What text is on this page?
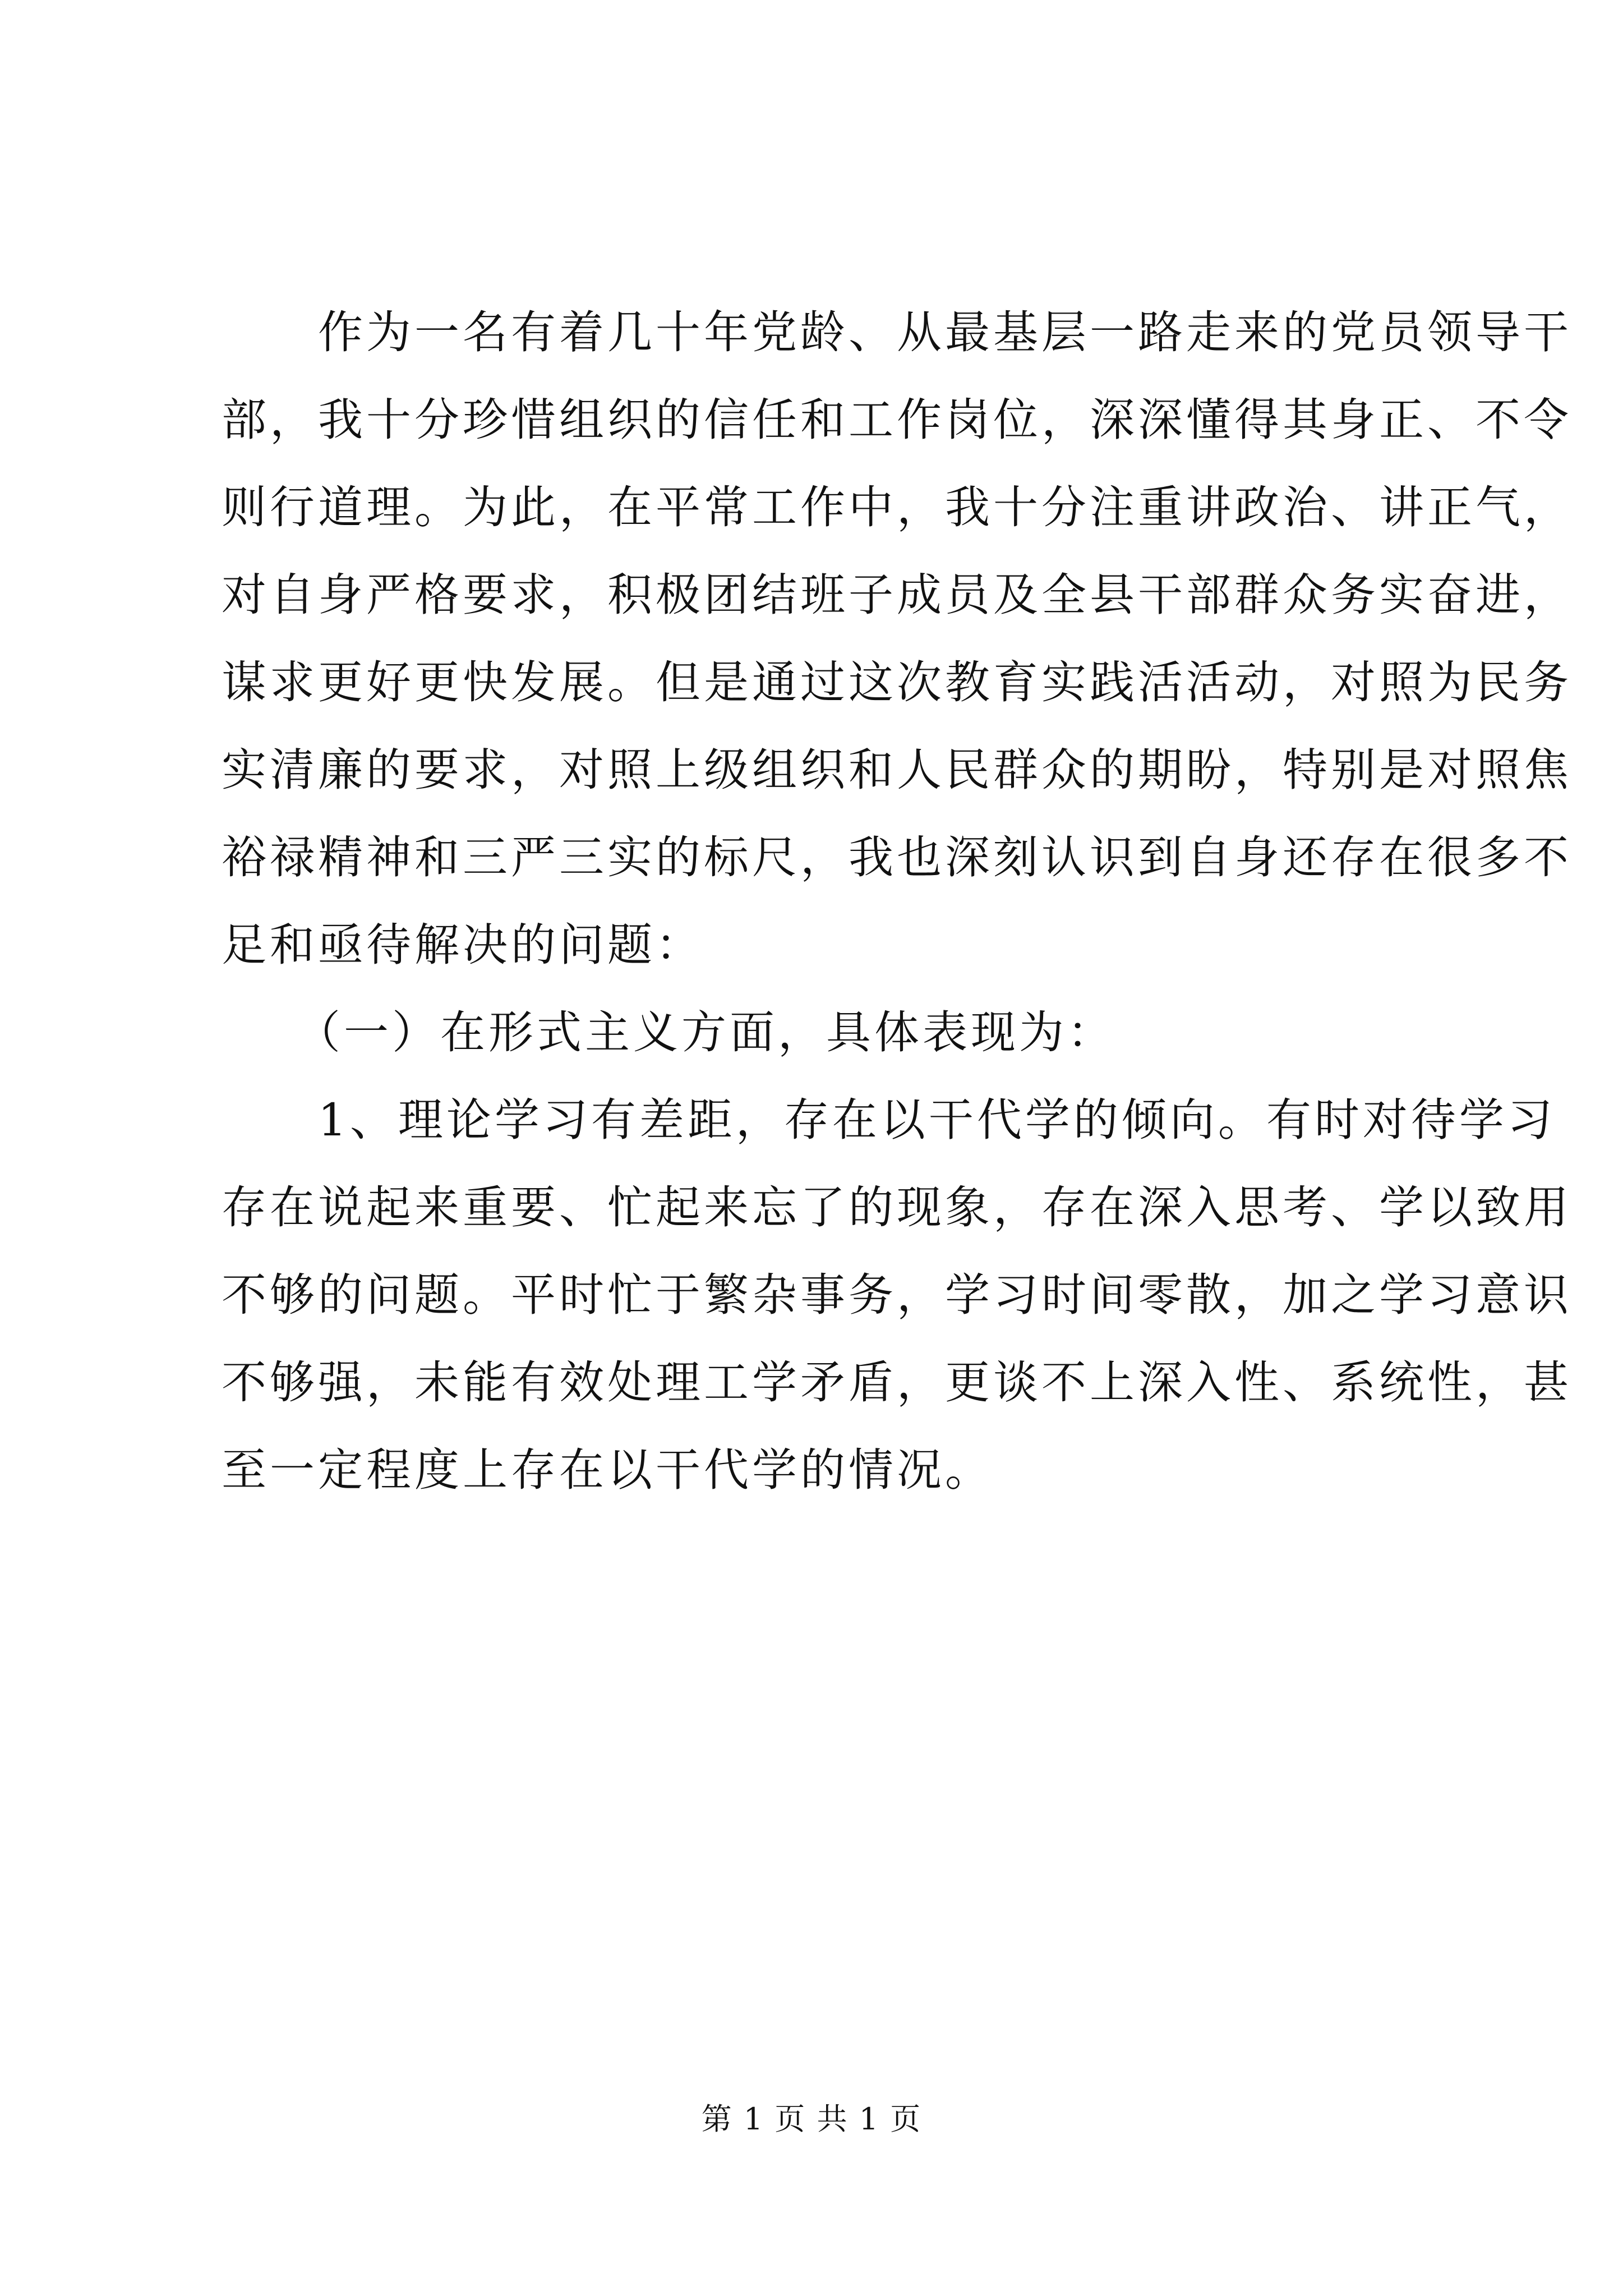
　　作为一名有着几十年党龄、从最基层一路走来的党员领导干
部，我十分珍惜组织的信任和工作岗位，深深懂得其身正、不令
则行道理。为此，在平常工作中，我十分注重讲政治、讲正气，
对自身严格要求，积极团结班子成员及全县干部群众务实奋进，
谋求更好更快发展。但是通过这次教育实践活活动，对照为民务
实清廉的要求，对照上级组织和人民群众的期盼，特别是对照焦
裕禄精神和三严三实的标尺，我也深刻认识到自身还存在很多不
足和亟待解决的问题：
　　（一）在形式主义方面，具体表现为：
　　1、理论学习有差距，存在以干代学的倾向。有时对待学习
存在说起来重要、忙起来忘了的现象，存在深入思考、学以致用
不够的问题。平时忙于繁杂事务，学习时间零散，加之学习意识
不够强，未能有效处理工学矛盾，更谈不上深入性、系统性，甚
至一定程度上存在以干代学的情况。
第 1 页 共 1 页
